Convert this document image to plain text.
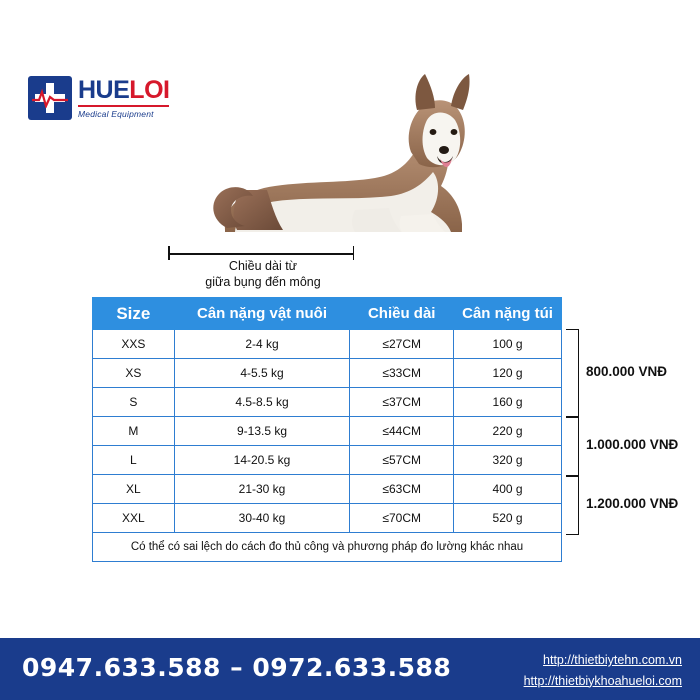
HUELOI
Medical Equipment
Chiều dài từ
giữa bụng đến mông
Size	Cân nặng vật nuôi	Chiều dài	Cân nặng túi
XXS	2-4 kg	≤27CM	100 g
XS	4-5.5 kg	≤33CM	120 g
S	4.5-8.5 kg	≤37CM	160 g
M	9-13.5 kg	≤44CM	220 g
L	14-20.5 kg	≤57CM	320 g
XL	21-30 kg	≤63CM	400 g
XXL	30-40 kg	≤70CM	520 g
Có thể có sai lệch do cách đo thủ công và phương pháp đo lường khác nhau			
800.000 VNĐ
1.000.000 VNĐ
1.200.000 VNĐ
0947.633.588 – 0972.633.588	http://thietbiytehn.com.vn
http://thietbiykhoahueloi.com
